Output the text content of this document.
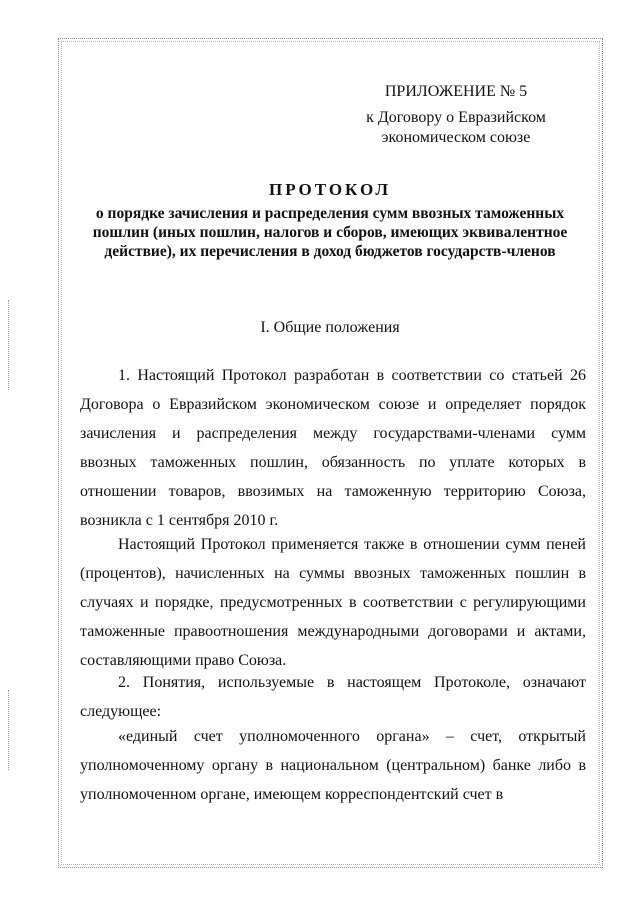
ПРИЛОЖЕНИЕ № 5
к Договору о Евразийском экономическом союзе
ПРОТОКОЛ
о порядке зачисления и распределения сумм ввозных таможенных пошлин (иных пошлин, налогов и сборов, имеющих эквивалентное действие), их перечисления в доход бюджетов государств-членов
I. Общие положения
1. Настоящий Протокол разработан в соответствии со статьей 26 Договора о Евразийском экономическом союзе и определяет порядок зачисления и распределения между государствами-членами сумм ввозных таможенных пошлин, обязанность по уплате которых в отношении товаров, ввозимых на таможенную территорию Союза, возникла с 1 сентября 2010 г.
Настоящий Протокол применяется также в отношении сумм пеней (процентов), начисленных на суммы ввозных таможенных пошлин в случаях и порядке, предусмотренных в соответствии с регулирующими таможенные правоотношения международными договорами и актами, составляющими право Союза.
2. Понятия, используемые в настоящем Протоколе, означают следующее:
«единый счет уполномоченного органа» – счет, открытый уполномоченному органу в национальном (центральном) банке либо в уполномоченном органе, имеющем корреспондентский счет в
